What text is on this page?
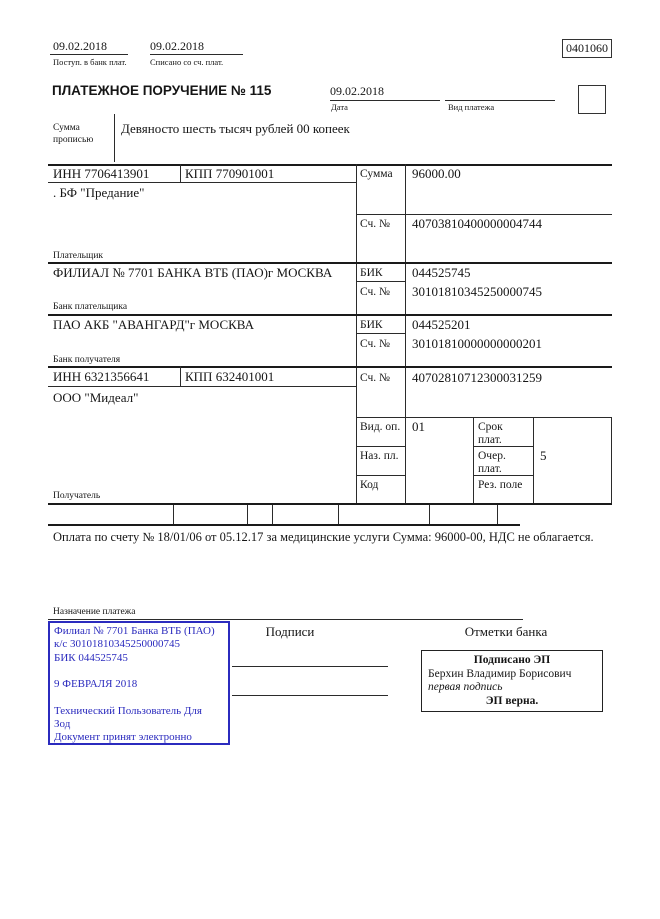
09.02.2018
Поступ. в банк плат.
09.02.2018
Списано со сч. плат.
0401060
ПЛАТЕЖНОЕ ПОРУЧЕНИЕ № 115	09.02.2018
Дата	Вид платежа
Сумма прописью
Девяносто шесть тысяч рублей 00 копеек
ИНН 7706413901	КПП 770901001	Сумма 96000.00
. БФ "Предание"
Сч. № 40703810400000004744
Плательщик
ФИЛИАЛ № 7701 БАНКА ВТБ (ПАО)г МОСКВА БИК 044525745
Сч. № 30101810345250000745
Банк плательщика
ПАО АКБ "АВАНГАРД"г МОСКВА	БИК 044525201
Сч. № 30101810000000000201
Банк получателя
ИНН 6321356641	КПП 632401001	Сч. № 40702810712300031259
ООО "Мидеал"
Вид. оп. 01	Срок плат.
Наз. пл.	Очер. плат.
5
Код	Рез. поле
Получатель
Оплата по счету № 18/01/06 от 05.12.17 за медицинские услуги Сумма: 96000-00, НДС не облагается.
Назначение платежа
Филиал № 7701 Банка ВТБ (ПАО)
к/с 30101810345250000745
БИК 044525745
9 ФЕВРАЛЯ 2018
Технический Пользователь Для
Зод
Документ принят электронно
Подписи	Отметки банка
Подписано ЭП
Берхин Владимир Борисович
первая подпись
ЭП верна.
